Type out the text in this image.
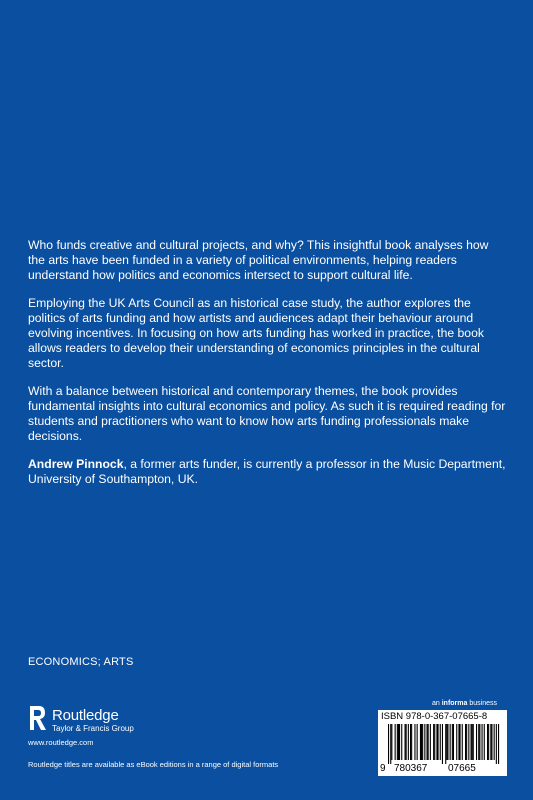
Who funds creative and cultural projects, and why? This insightful book analyses how the arts have been funded in a variety of political environments, helping readers understand how politics and economics intersect to support cultural life.

Employing the UK Arts Council as an historical case study, the author explores the politics of arts funding and how artists and audiences adapt their behaviour around evolving incentives. In focusing on how arts funding has worked in practice, the book allows readers to develop their understanding of economics principles in the cultural sector.

With a balance between historical and contemporary themes, the book provides fundamental insights into cultural economics and policy. As such it is required reading for students and practitioners who want to know how arts funding professionals make decisions.

Andrew Pinnock, a former arts funder, is currently a professor in the Music Department, University of Southampton, UK.

ECONOMICS; ARTS
Routledge
Taylor & Francis Group
www.routledge.com
Routledge titles are available as eBook editions in a range of digital formats
an informa business
ISBN 978-0-367-07665-8
9 780367 07665
